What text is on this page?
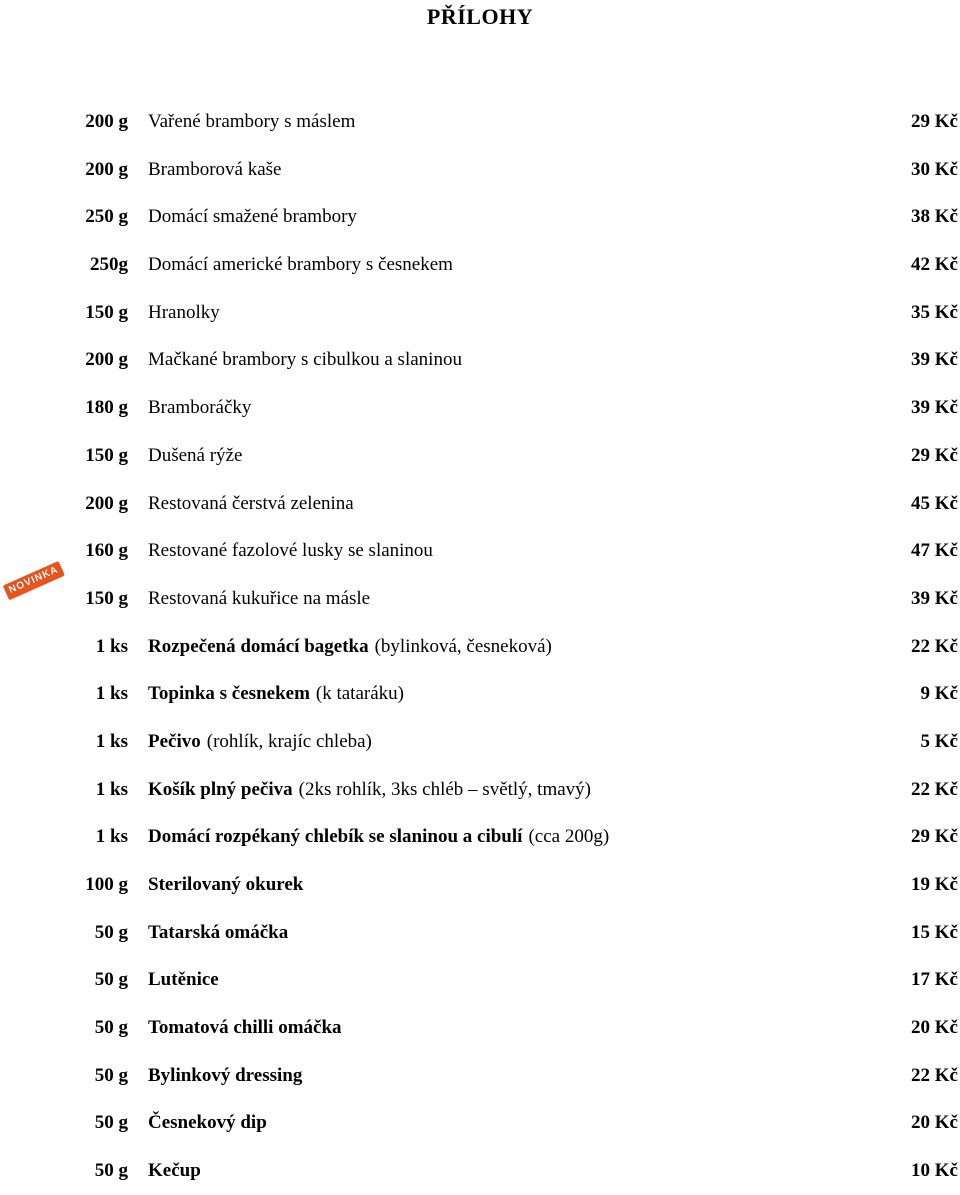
PŘÍLOHY
200 g Vařené brambory s máslem	29 Kč
200 g Bramborová kaše	30 Kč
250 g Domácí smažené brambory	38 Kč
250g Domácí americké brambory s česnekem	42 Kč
150 g Hranolky	35 Kč
200 g Mačkané brambory s cibulkou a slaninou	39 Kč
180 g Bramboráčky	39 Kč
150 g Dušená rýže	29 Kč
200 g Restovaná čerstvá zelenina	45 Kč
160 g Restované fazolové lusky se slaninou	47 Kč
NOVINKA
150 g Restovaná kukuřice na másle	39 Kč
1 ks Rozpečená domácí bagetka (bylinková, česneková)	22 Kč
1 ks Topinka s česnekem (k tataráku)	9 Kč
1 ks Pečivo (rohlík, krajíc chleba)	5 Kč
1 ks Košík plný pečiva (2ks rohlík, 3ks chléb – světlý, tmavý)	22 Kč
1 ks Domácí rozpékaný chlebík se slaninou a cibulí (cca 200g)	29 Kč
100 g Sterilovaný okurek	19 Kč
50 g Tatarská omáčka	15 Kč
50 g Lutěnice	17 Kč
50 g Tomatová chilli omáčka	20 Kč
50 g Bylinkový dressing	22 Kč
50 g Česnekový dip	20 Kč
50 g Kečup	10 Kč
